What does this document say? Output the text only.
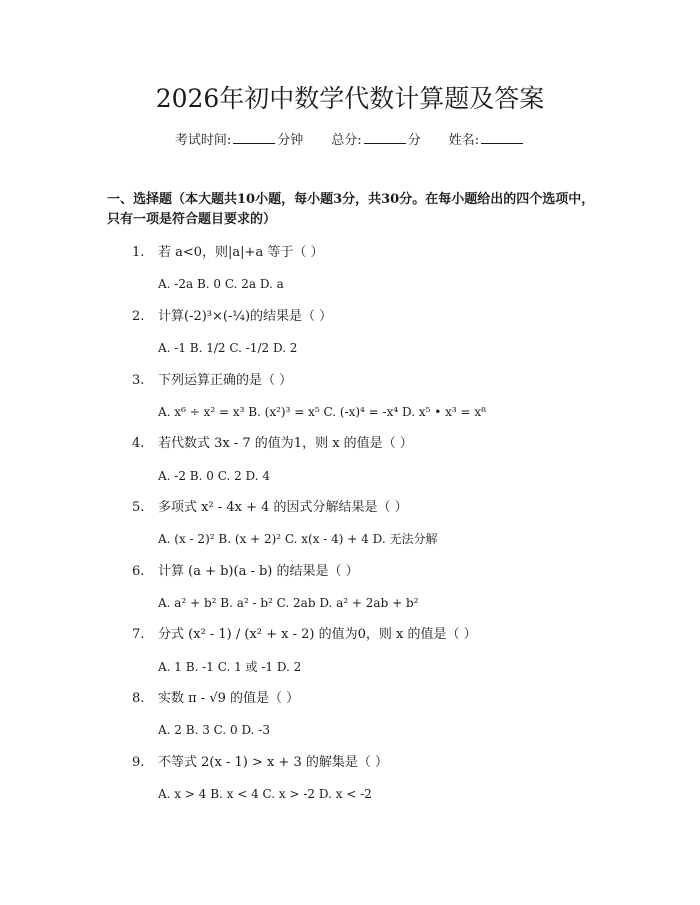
2026年初中数学代数计算题及答案
考试时间:	分钟 总分:	分 姓名:
一、选择题（本大题共10小题，每小题3分，共30分。在每小题给出的四个选项中，只有一项是符合题目要求的）
1. 若 a<0，则|a|+a 等于（ ）
A. -2a B. 0 C. 2a D. a
2. 计算(-2)³×(-¼)的结果是（ ）
A. -1 B. 1/2 C. -1/2 D. 2
3. 下列运算正确的是（ ）
A. x⁶ ÷ x² = x³ B. (x²)³ = x⁵ C. (-x)⁴ = -x⁴ D. x⁵ • x³ = x⁸
4. 若代数式 3x - 7 的值为1，则 x 的值是（ ）
A. -2 B. 0 C. 2 D. 4
5. 多项式 x² - 4x + 4 的因式分解结果是（ ）
A. (x - 2)² B. (x + 2)² C. x(x - 4) + 4 D. 无法分解
6. 计算 (a + b)(a - b) 的结果是（ ）
A. a² + b² B. a² - b² C. 2ab D. a² + 2ab + b²
7. 分式 (x² - 1) / (x² + x - 2) 的值为0，则 x 的值是（ ）
A. 1 B. -1 C. 1 或 -1 D. 2
8. 实数 π - √9 的值是（ ）
A. 2 B. 3 C. 0 D. -3
9. 不等式 2(x - 1) > x + 3 的解集是（ ）
A. x > 4 B. x < 4 C. x > -2 D. x < -2
